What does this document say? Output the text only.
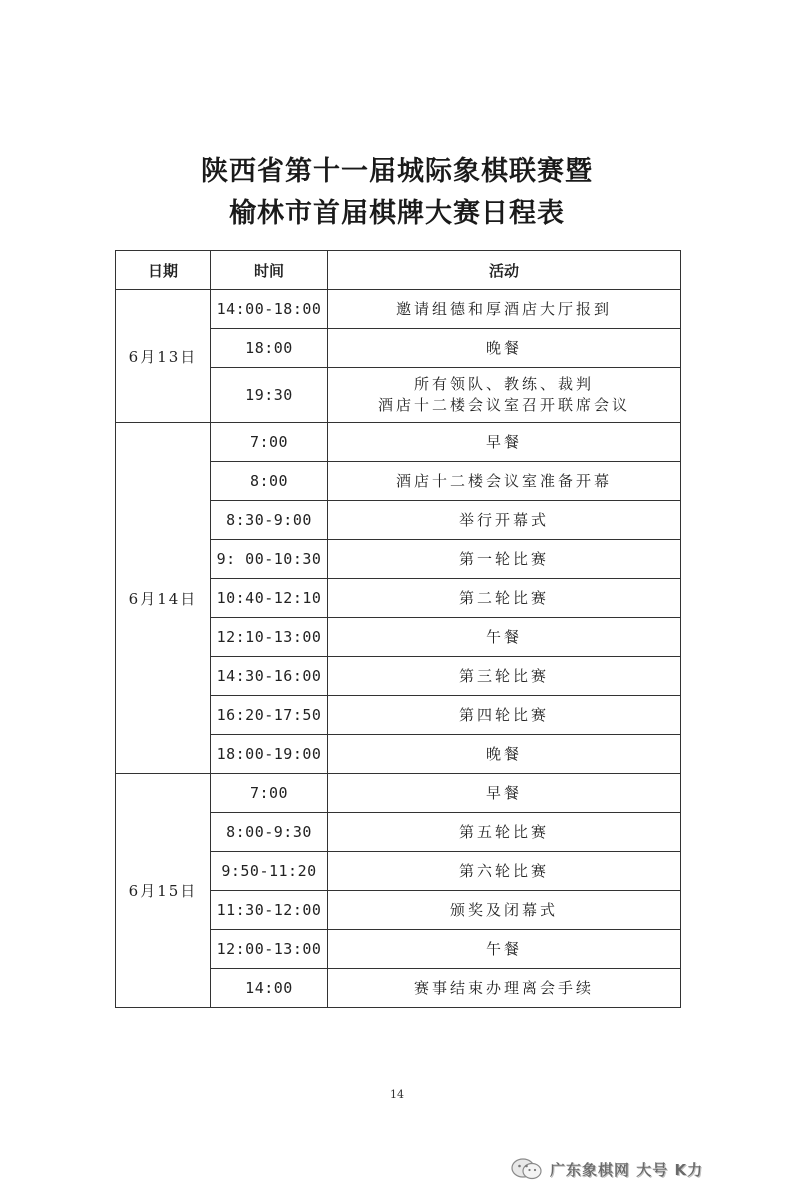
陕西省第十一届城际象棋联赛暨
榆林市首届棋牌大赛日程表
日期	时间	活动
6月13日	14:00-18:00	邀请组德和厚酒店大厅报到

	18:00	晚餐

	19:30	所有领队、教练、裁判
酒店十二楼会议室召开联席会议

6月14日	7:00	早餐

	8:00	酒店十二楼会议室准备开幕

	8:30-9:00	举行开幕式

	9: 00-10:30	第一轮比赛

	10:40-12:10	第二轮比赛

	12:10-13:00	午餐

	14:30-16:00	第三轮比赛

	16:20-17:50	第四轮比赛

	18:00-19:00	晚餐

6月15日	7:00	早餐

	8:00-9:30	第五轮比赛

	9:50-11:20	第六轮比赛

	11:30-12:00	颁奖及闭幕式

	12:00-13:00	午餐

	14:00	赛事结束办理离会手续
14
广东象棋网 大号 K力
